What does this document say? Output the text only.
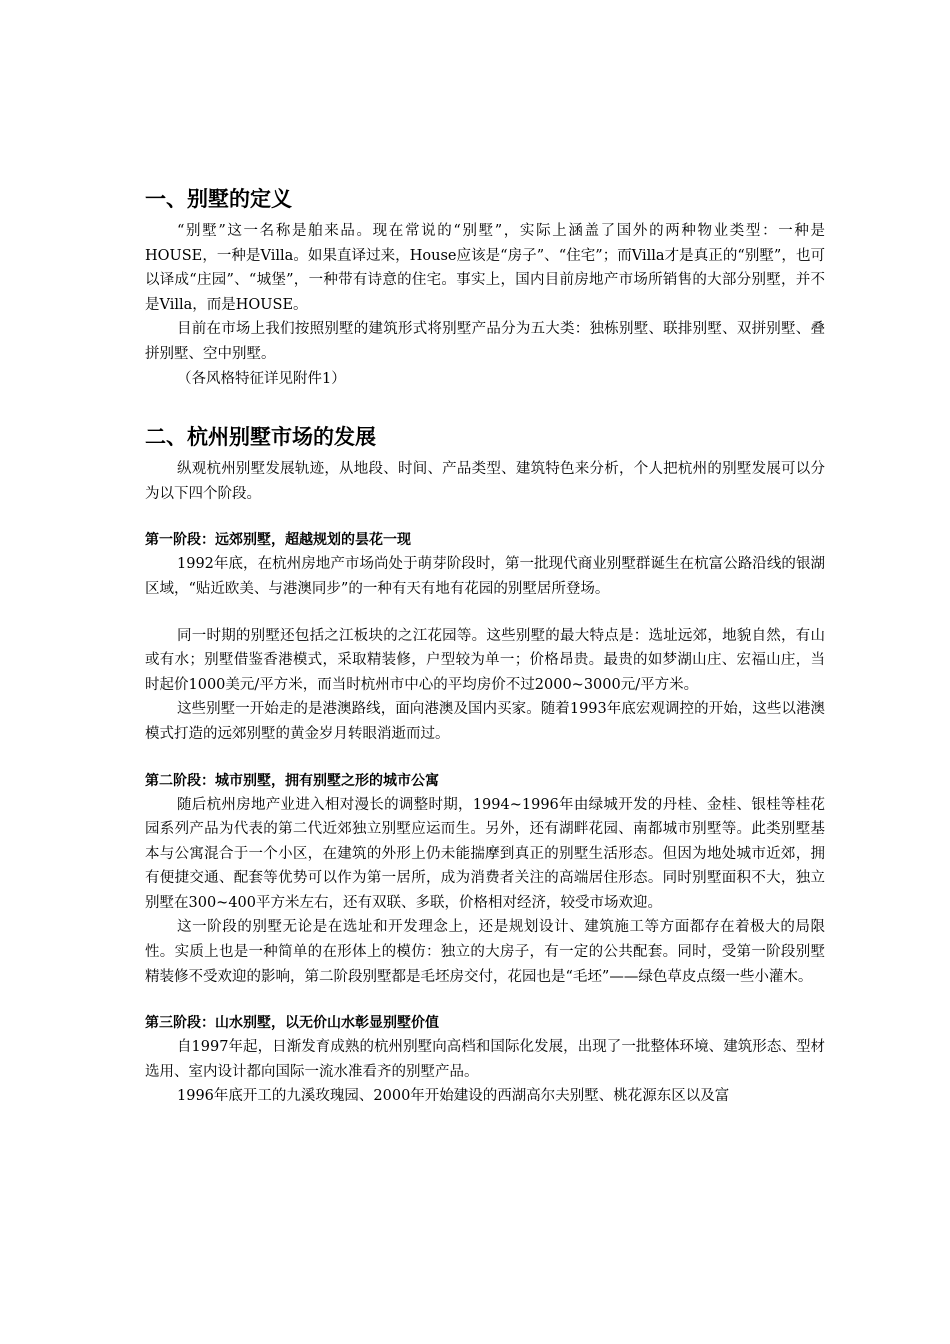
一、别墅的定义

“别墅”这一名称是舶来品。现在常说的“别墅”，实际上涵盖了国外的两种物业类型：一种是HOUSE，一种是Villa。如果直译过来，House应该是“房子”、“住宅”；而Villa才是真正的“别墅”，也可以译成“庄园”、“城堡”，一种带有诗意的住宅。事实上，国内目前房地产市场所销售的大部分别墅，并不是Villa，而是HOUSE。

目前在市场上我们按照别墅的建筑形式将别墅产品分为五大类：独栋别墅、联排别墅、双拼别墅、叠拼别墅、空中别墅。

（各风格特征详见附件1）

二、杭州别墅市场的发展

纵观杭州别墅发展轨迹，从地段、时间、产品类型、建筑特色来分析，个人把杭州的别墅发展可以分为以下四个阶段。

第一阶段：远郊别墅，超越规划的昙花一现

1992年底，在杭州房地产市场尚处于萌芽阶段时，第一批现代商业别墅群诞生在杭富公路沿线的银湖区域，“贴近欧美、与港澳同步”的一种有天有地有花园的别墅居所登场。

同一时期的别墅还包括之江板块的之江花园等。这些别墅的最大特点是：选址远郊，地貌自然，有山或有水；别墅借鉴香港模式，采取精装修，户型较为单一；价格昂贵。最贵的如梦湖山庄、宏福山庄，当时起价1000美元/平方米，而当时杭州市中心的平均房价不过2000~3000元/平方米。

这些别墅一开始走的是港澳路线，面向港澳及国内买家。随着1993年底宏观调控的开始，这些以港澳模式打造的远郊别墅的黄金岁月转眼消逝而过。

第二阶段：城市别墅，拥有别墅之形的城市公寓

随后杭州房地产业进入相对漫长的调整时期，1994~1996年由绿城开发的丹桂、金桂、银桂等桂花园系列产品为代表的第二代近郊独立别墅应运而生。另外，还有湖畔花园、南都城市别墅等。此类别墅基本与公寓混合于一个小区，在建筑的外形上仍未能揣摩到真正的别墅生活形态。但因为地处城市近郊，拥有便捷交通、配套等优势可以作为第一居所，成为消费者关注的高端居住形态。同时别墅面积不大，独立别墅在300~400平方米左右，还有双联、多联，价格相对经济，较受市场欢迎。

这一阶段的别墅无论是在选址和开发理念上，还是规划设计、建筑施工等方面都存在着极大的局限性。实质上也是一种简单的在形体上的模仿：独立的大房子，有一定的公共配套。同时，受第一阶段别墅精装修不受欢迎的影响，第二阶段别墅都是毛坯房交付，花园也是“毛坯”——绿色草皮点缀一些小灌木。

第三阶段：山水别墅，以无价山水彰显别墅价值

自1997年起，日渐发育成熟的杭州别墅向高档和国际化发展，出现了一批整体环境、建筑形态、型材选用、室内设计都向国际一流水准看齐的别墅产品。

1996年底开工的九溪玫瑰园、2000年开始建设的西湖高尔夫别墅、桃花源东区以及富
